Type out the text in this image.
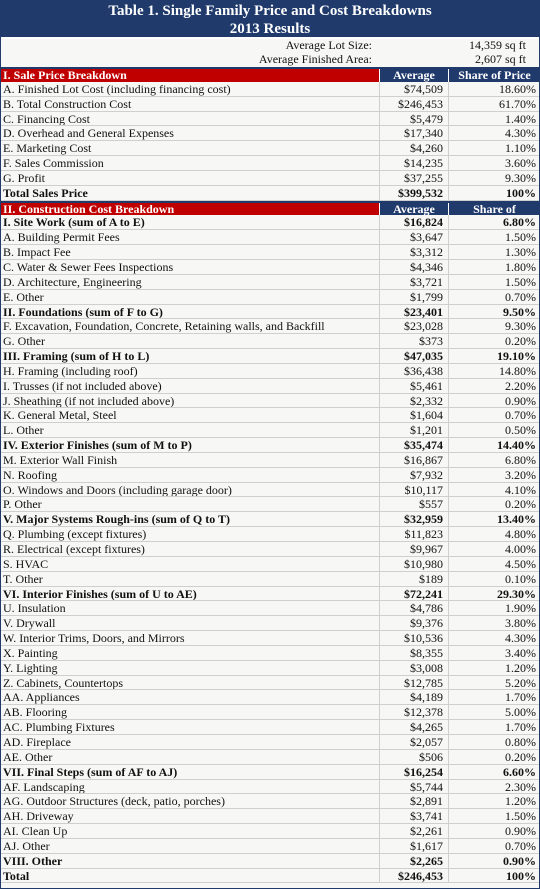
Table 1. Single Family Price and Cost Breakdowns
2013 Results
Average Lot Size:	14,359 sq ft
Average Finished Area:	2,607 sq ft
I. Sale Price Breakdown	Average	Share of Price
A. Finished Lot Cost (including financing cost)	$74,509	18.60%
B. Total Construction Cost	$246,453	61.70%
C. Financing Cost	$5,479	1.40%
D. Overhead and General Expenses	$17,340	4.30%
E. Marketing Cost	$4,260	1.10%
F. Sales Commission	$14,235	3.60%
G. Profit	$37,255	9.30%
Total Sales Price	$399,532	100%
II. Construction Cost Breakdown	Average	Share of
I. Site Work (sum of A to E)	$16,824	6.80%
A. Building Permit Fees	$3,647	1.50%
B. Impact Fee	$3,312	1.30%
C. Water & Sewer Fees Inspections	$4,346	1.80%
D. Architecture, Engineering	$3,721	1.50%
E. Other	$1,799	0.70%
II. Foundations (sum of F to G)	$23,401	9.50%
F. Excavation, Foundation, Concrete, Retaining walls, and Backfill	$23,028	9.30%
G. Other	$373	0.20%
III. Framing (sum of H to L)	$47,035	19.10%
H. Framing (including roof)	$36,438	14.80%
I. Trusses (if not included above)	$5,461	2.20%
J. Sheathing (if not included above)	$2,332	0.90%
K. General Metal, Steel	$1,604	0.70%
L. Other	$1,201	0.50%
IV. Exterior Finishes (sum of M to P)	$35,474	14.40%
M. Exterior Wall Finish	$16,867	6.80%
N. Roofing	$7,932	3.20%
O. Windows and Doors (including garage door)	$10,117	4.10%
P. Other	$557	0.20%
V. Major Systems Rough-ins (sum of Q to T)	$32,959	13.40%
Q. Plumbing (except fixtures)	$11,823	4.80%
R. Electrical (except fixtures)	$9,967	4.00%
S. HVAC	$10,980	4.50%
T. Other	$189	0.10%
VI. Interior Finishes (sum of U to AE)	$72,241	29.30%
U. Insulation	$4,786	1.90%
V. Drywall	$9,376	3.80%
W. Interior Trims, Doors, and Mirrors	$10,536	4.30%
X. Painting	$8,355	3.40%
Y. Lighting	$3,008	1.20%
Z. Cabinets, Countertops	$12,785	5.20%
AA. Appliances	$4,189	1.70%
AB. Flooring	$12,378	5.00%
AC. Plumbing Fixtures	$4,265	1.70%
AD. Fireplace	$2,057	0.80%
AE. Other	$506	0.20%
VII. Final Steps (sum of AF to AJ)	$16,254	6.60%
AF. Landscaping	$5,744	2.30%
AG. Outdoor Structures (deck, patio, porches)	$2,891	1.20%
AH. Driveway	$3,741	1.50%
AI. Clean Up	$2,261	0.90%
AJ. Other	$1,617	0.70%
VIII. Other	$2,265	0.90%
Total	$246,453	100%
